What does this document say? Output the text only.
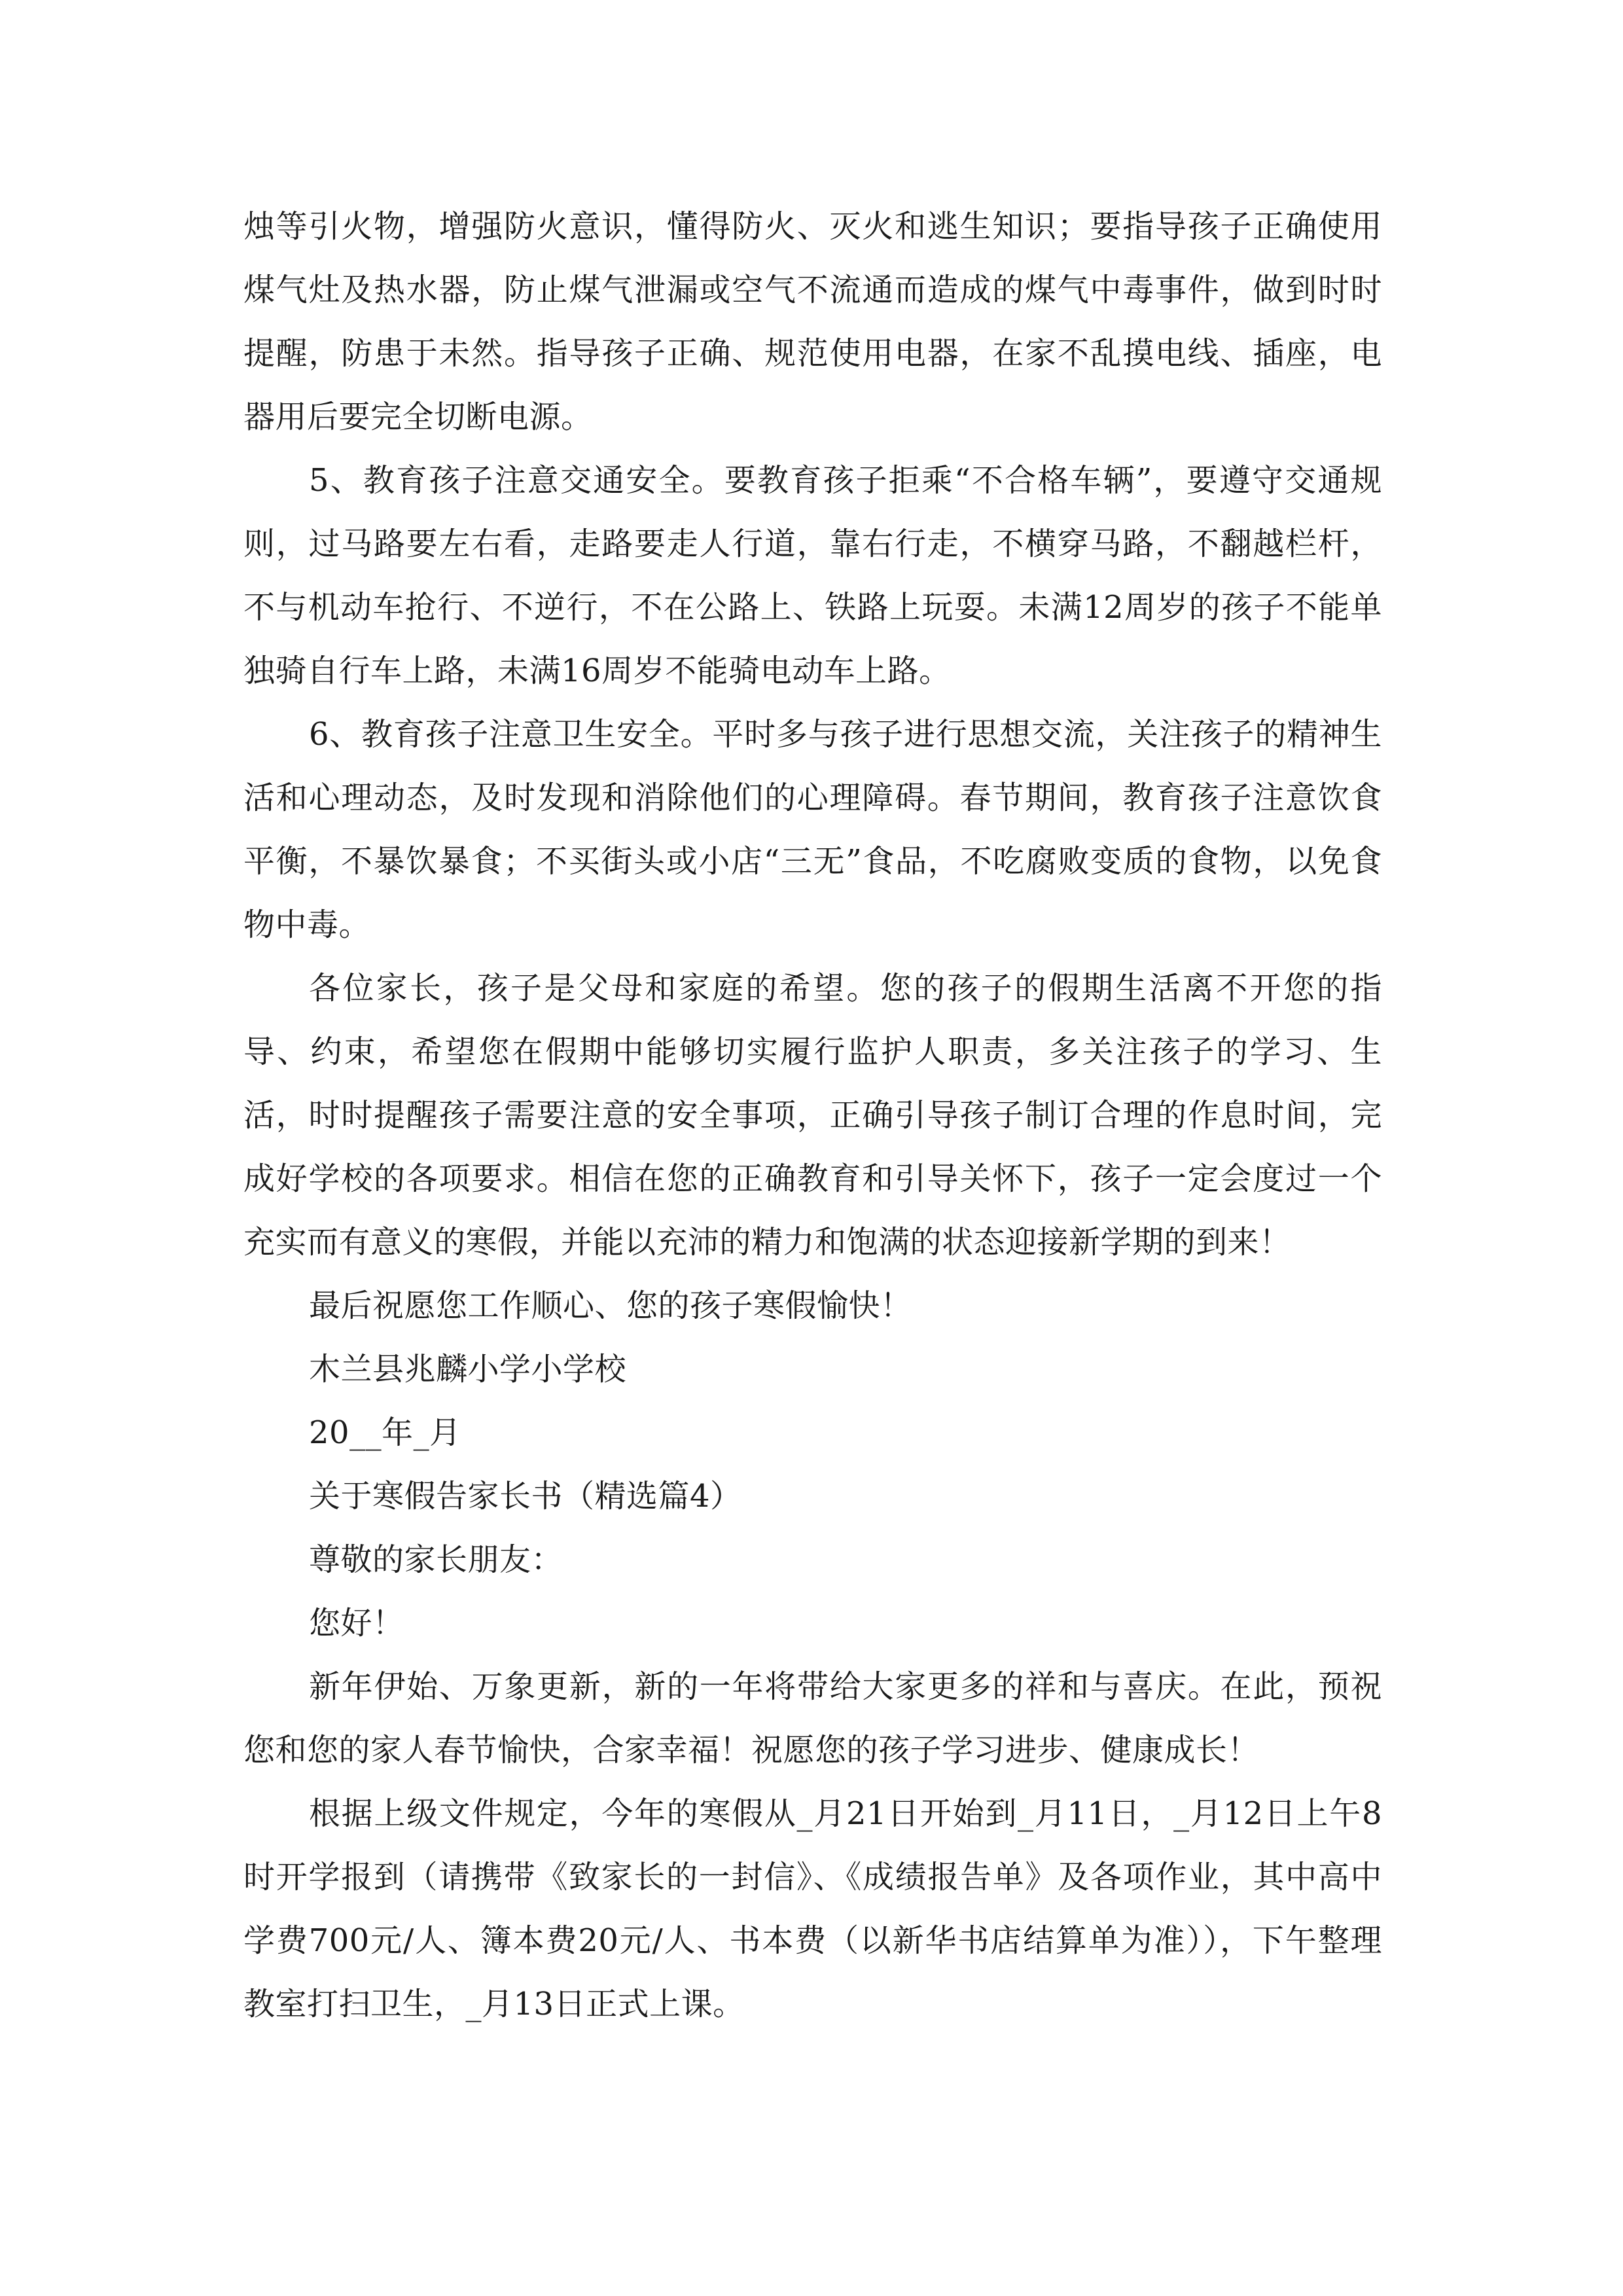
烛等引火物，增强防火意识，懂得防火、灭火和逃生知识；要指导孩子正确使用煤气灶及热水器，防止煤气泄漏或空气不流通而造成的煤气中毒事件，做到时时提醒，防患于未然。指导孩子正确、规范使用电器，在家不乱摸电线、插座，电器用后要完全切断电源。

5、教育孩子注意交通安全。要教育孩子拒乘“不合格车辆”，要遵守交通规则，过马路要左右看，走路要走人行道，靠右行走，不横穿马路，不翻越栏杆，不与机动车抢行、不逆行，不在公路上、铁路上玩耍。未满12周岁的孩子不能单独骑自行车上路，未满16周岁不能骑电动车上路。

6、教育孩子注意卫生安全。平时多与孩子进行思想交流，关注孩子的精神生活和心理动态，及时发现和消除他们的心理障碍。春节期间，教育孩子注意饮食平衡，不暴饮暴食；不买街头或小店“三无”食品，不吃腐败变质的食物，以免食物中毒。

各位家长，孩子是父母和家庭的希望。您的孩子的假期生活离不开您的指导、约束，希望您在假期中能够切实履行监护人职责，多关注孩子的学习、生活，时时提醒孩子需要注意的安全事项，正确引导孩子制订合理的作息时间，完成好学校的各项要求。相信在您的正确教育和引导关怀下，孩子一定会度过一个充实而有意义的寒假，并能以充沛的精力和饱满的状态迎接新学期的到来！

最后祝愿您工作顺心、您的孩子寒假愉快！

木兰县兆麟小学小学校

20__年_月

关于寒假告家长书（精选篇4）

尊敬的家长朋友：

您好！

新年伊始、万象更新，新的一年将带给大家更多的祥和与喜庆。在此，预祝您和您的家人春节愉快，合家幸福！祝愿您的孩子学习进步、健康成长！

根据上级文件规定，今年的寒假从_月21日开始到_月11日，_月12日上午8时开学报到（请携带《致家长的一封信》、《成绩报告单》及各项作业，其中高中学费700元/人、簿本费20元/人、书本费（以新华书店结算单为准）），下午整理教室打扫卫生，_月13日正式上课。
